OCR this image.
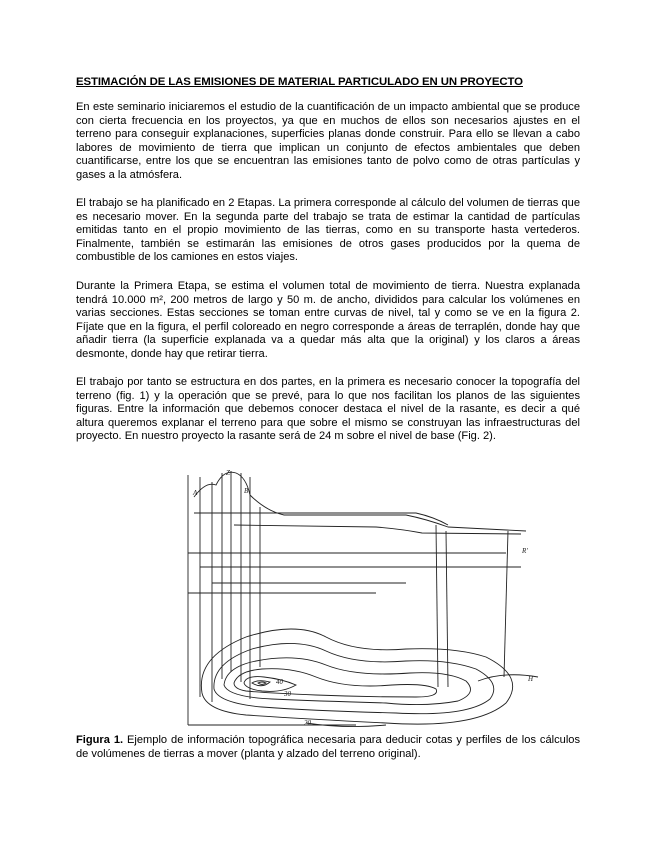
ESTIMACIÓN DE LAS EMISIONES DE MATERIAL PARTICULADO EN UN PROYECTO

En este seminario iniciaremos el estudio de la cuantificación de un impacto ambiental que se produce con cierta frecuencia en los proyectos, ya que en muchos de ellos son necesarios ajustes en el terreno para conseguir explanaciones, superficies planas donde construir. Para ello se llevan a cabo labores de movimiento de tierra que implican un conjunto de efectos ambientales que deben cuantificarse, entre los que se encuentran las emisiones tanto de polvo como de otras partículas y gases a la atmósfera.

El trabajo se ha planificado en 2 Etapas. La primera corresponde al cálculo del volumen de tierras que es necesario mover. En la segunda parte del trabajo se trata de estimar la cantidad de partículas emitidas tanto en el propio movimiento de las tierras, como en su transporte hasta vertederos. Finalmente, también se estimarán las emisiones de otros gases producidos por la quema de combustible de los camiones en estos viajes.

Durante la Primera Etapa, se estima el volumen total de movimiento de tierra. Nuestra explanada tendrá 10.000 m², 200 metros de largo y 50 m. de ancho, divididos para calcular los volúmenes en varias secciones. Estas secciones se toman entre curvas de nivel, tal y como se ve en la figura 2. Fíjate que en la figura, el perfil coloreado en negro corresponde a áreas de terraplén, donde hay que añadir tierra (la superficie explanada va a quedar más alta que la original) y los claros a áreas desmonte, donde hay que retirar tierra.

El trabajo por tanto se estructura en dos partes, en la primera es necesario conocer la topografía del terreno (fig. 1) y la operación que se prevé, para lo que nos facilitan los planos de las siguientes figuras. Entre la información que debemos conocer destaca el nivel de la rasante, es decir a qué altura queremos explanar el terreno para que sobre el mismo se construyan las infraestructuras del proyecto. En nuestro proyecto la rasante será de 24 m sobre el nivel de base (Fig. 2).

Z
A	B
R'
40
30
20
H

Figura 1. Ejemplo de información topográfica necesaria para deducir cotas y perfiles de los cálculos de volúmenes de tierras a mover (planta y alzado del terreno original).
